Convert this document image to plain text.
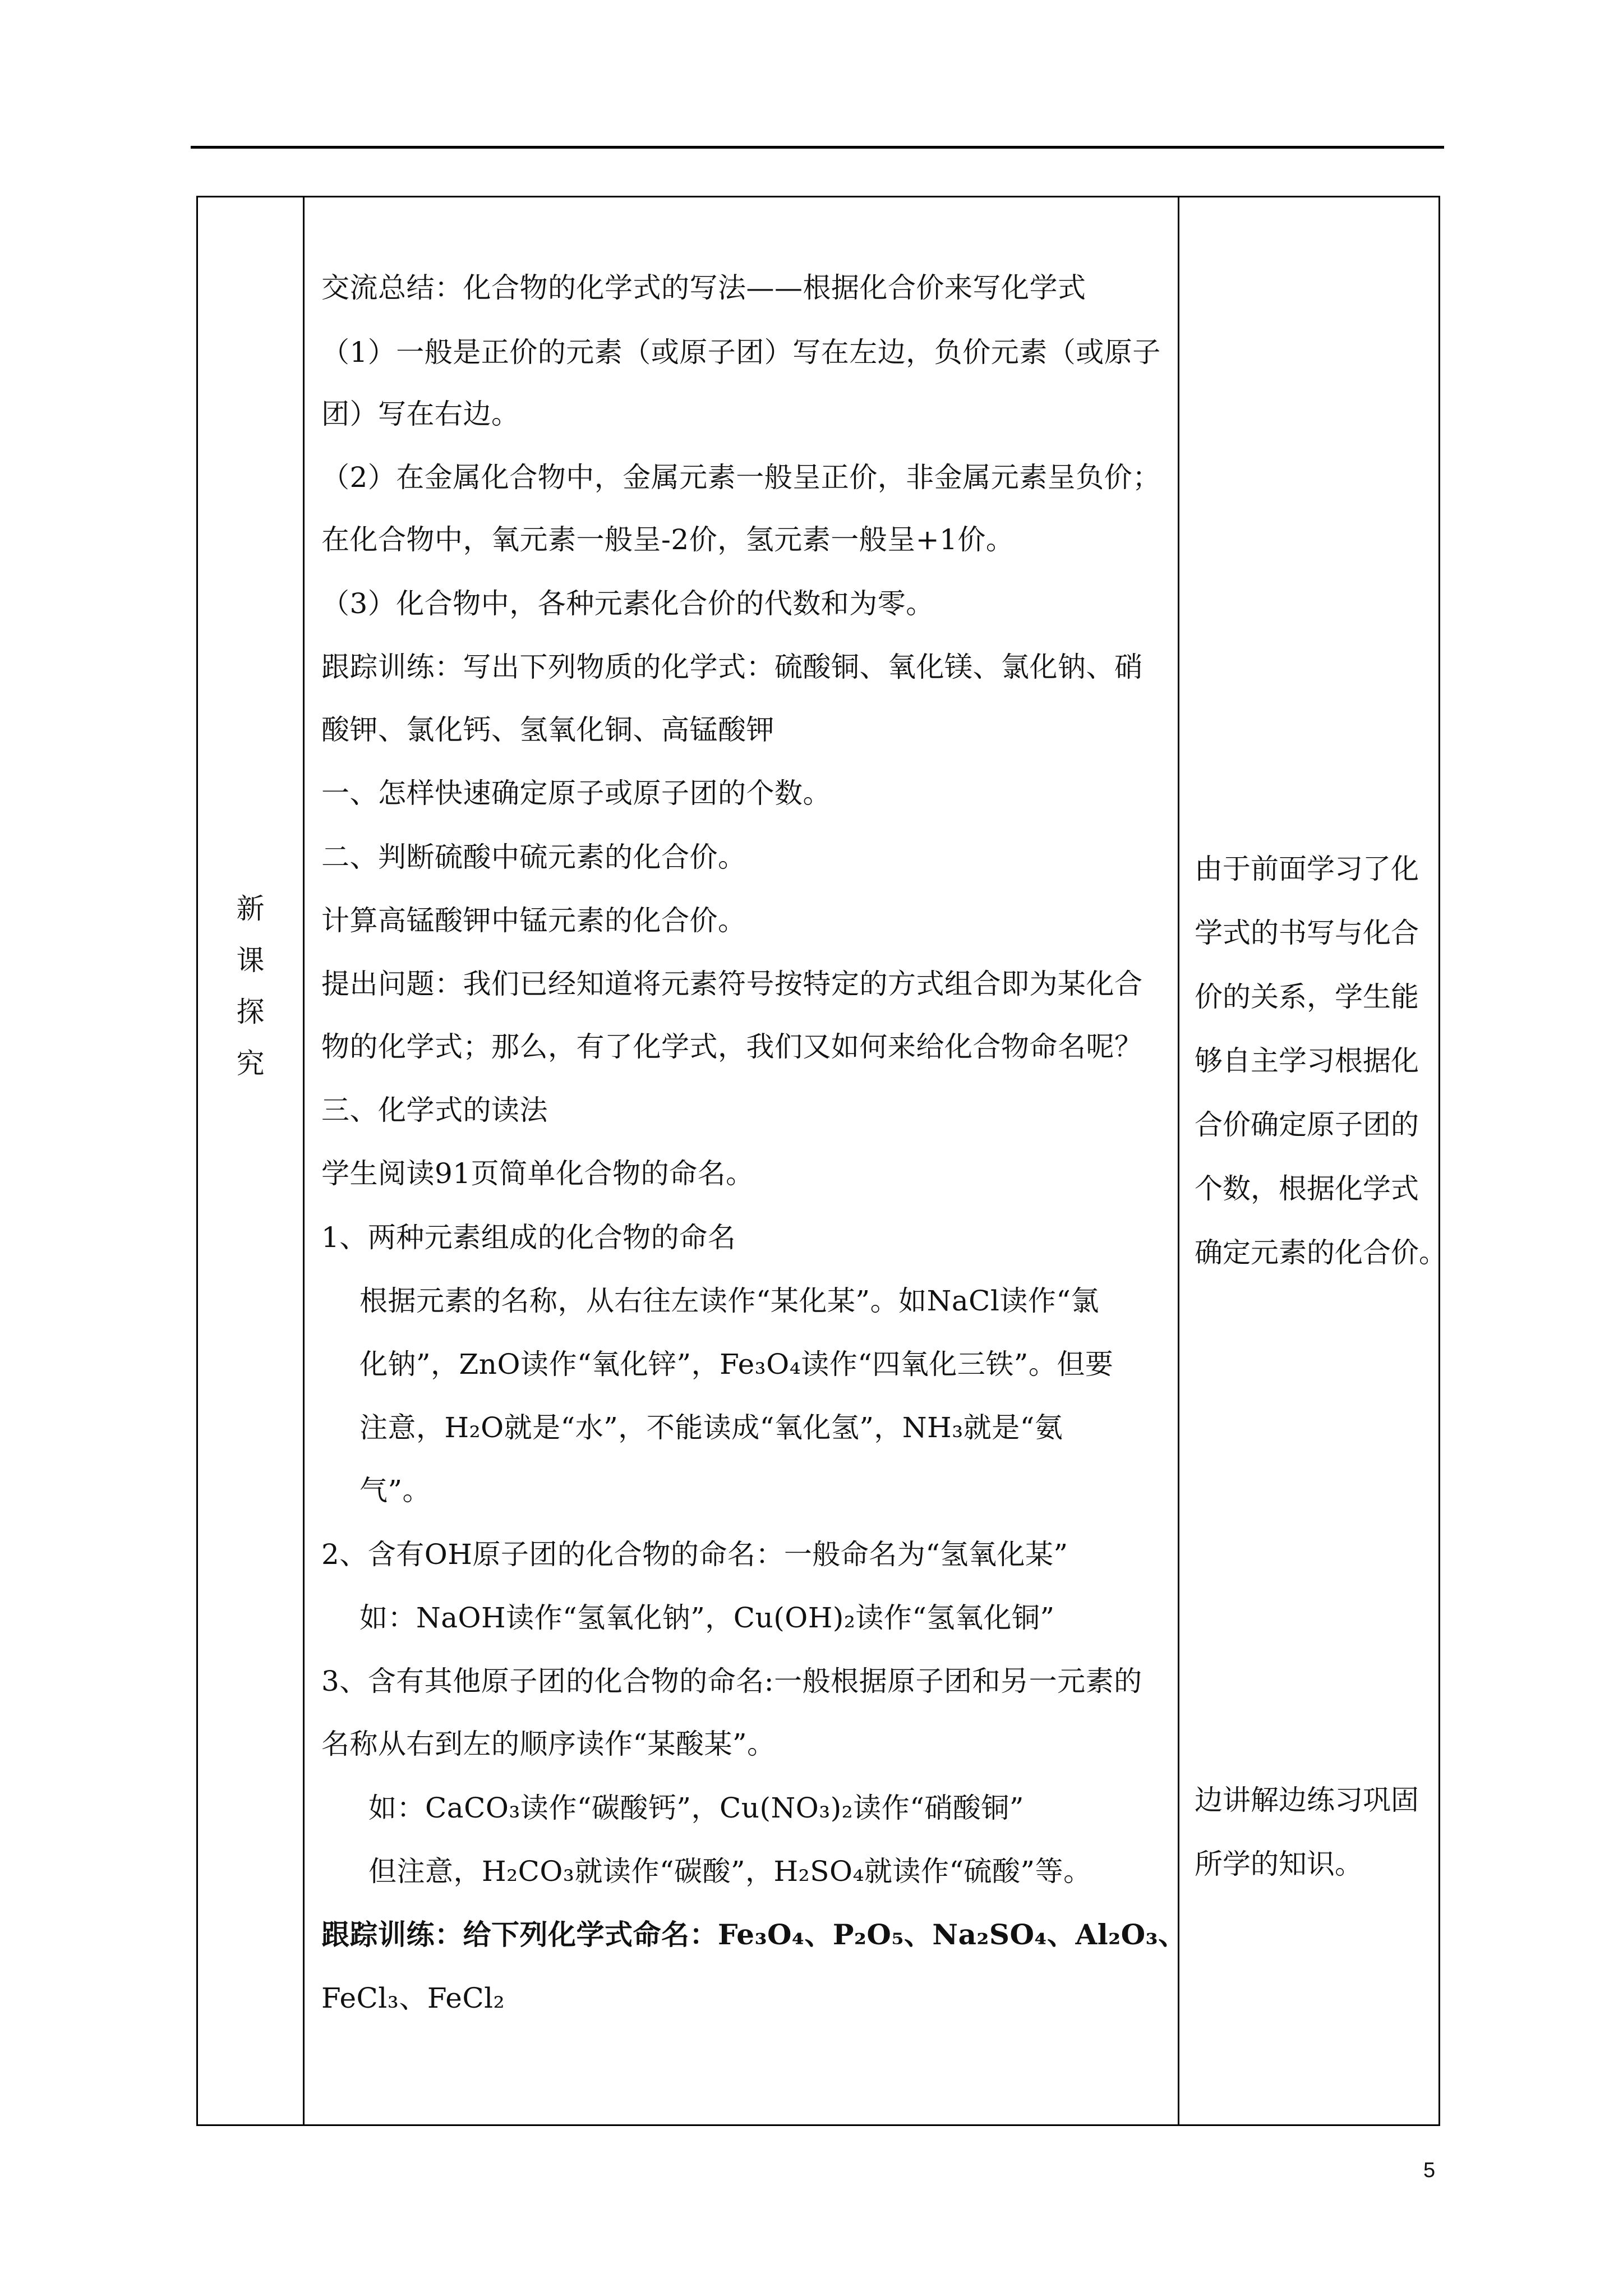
新
课
探
究
交流总结：化合物的化学式的写法——根据化合价来写化学式
（1）一般是正价的元素（或原子团）写在左边，负价元素（或原子
团）写在右边。
（2）在金属化合物中，金属元素一般呈正价，非金属元素呈负价；
在化合物中，氧元素一般呈-2价，氢元素一般呈+1价。
（3）化合物中，各种元素化合价的代数和为零。
跟踪训练：写出下列物质的化学式：硫酸铜、氧化镁、氯化钠、硝
酸钾、氯化钙、氢氧化铜、高锰酸钾
一、怎样快速确定原子或原子团的个数。
二、判断硫酸中硫元素的化合价。
计算高锰酸钾中锰元素的化合价。
提出问题：我们已经知道将元素符号按特定的方式组合即为某化合
物的化学式；那么，有了化学式，我们又如何来给化合物命名呢？
三、化学式的读法
学生阅读91页简单化合物的命名。
1、两种元素组成的化合物的命名
根据元素的名称，从右往左读作“某化某”。如NaCl读作“氯
化钠”，ZnO读作“氧化锌”，Fe₃O₄读作“四氧化三铁”。但要
注意，H₂O就是“水”，不能读成“氧化氢”，NH₃就是“氨
气”。
2、含有OH原子团的化合物的命名：一般命名为“氢氧化某”
如：NaOH读作“氢氧化钠”，Cu(OH)₂读作“氢氧化铜”
3、含有其他原子团的化合物的命名:一般根据原子团和另一元素的
名称从右到左的顺序读作“某酸某”。
如：CaCO₃读作“碳酸钙”，Cu(NO₃)₂读作“硝酸铜”
但注意，H₂CO₃就读作“碳酸”，H₂SO₄就读作“硫酸”等。
跟踪训练：给下列化学式命名：Fe₃O₄、P₂O₅、Na₂SO₄、Al₂O₃、
FeCl₃、FeCl₂
由于前面学习了化
学式的书写与化合
价的关系，学生能
够自主学习根据化
合价确定原子团的
个数，根据化学式
确定元素的化合价。
边讲解边练习巩固
所学的知识。
5
